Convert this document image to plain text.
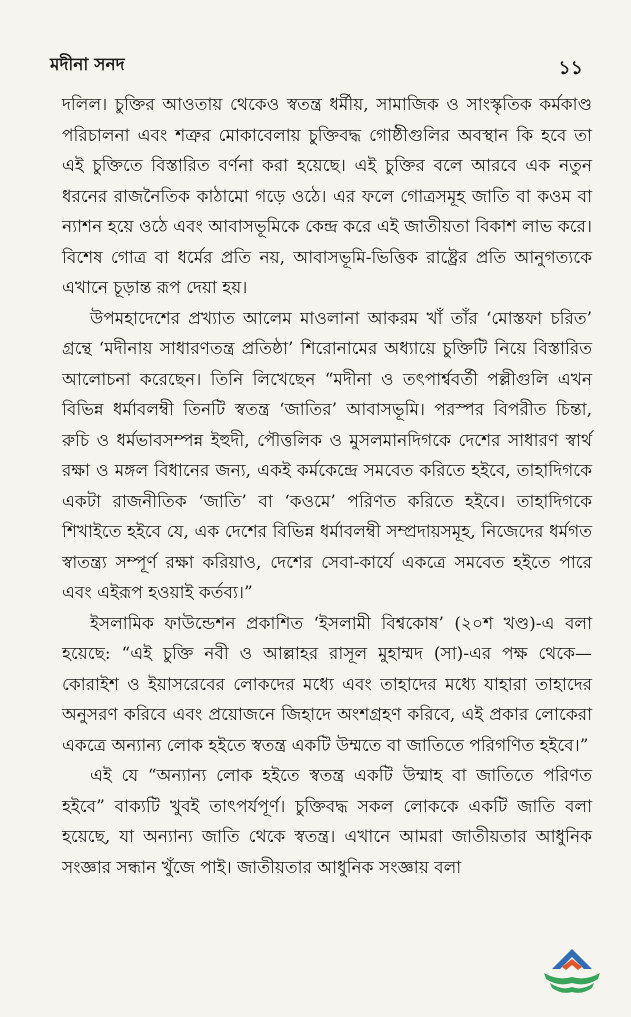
মদীনা সনদ	১১

দলিল। চুক্তির আওতায় থেকেও স্বতন্ত্র ধর্মীয়, সামাজিক ও সাংস্কৃতিক কর্মকাণ্ড পরিচালনা এবং শত্রুর মোকাবেলায় চুক্তিবদ্ধ গোষ্ঠীগুলির অবস্থান কি হবে তা এই চুক্তিতে বিস্তারিত বর্ণনা করা হয়েছে। এই চুক্তির বলে আরবে এক নতুন ধরনের রাজনৈতিক কাঠামো গড়ে ওঠে। এর ফলে গোত্রসমূহ জাতি বা কওম বা ন্যাশন হয়ে ওঠে এবং আবাসভূমিকে কেন্দ্র করে এই জাতীয়তা বিকাশ লাভ করে। বিশেষ গোত্র বা ধর্মের প্রতি নয়, আবাসভূমি-ভিত্তিক রাষ্ট্রের প্রতি আনুগত্যকে এখানে চূড়ান্ত রূপ দেয়া হয়।

উপমহাদেশের প্রখ্যাত আলেম মাওলানা আকরম খাঁ তাঁর ‘মোস্তফা চরিত’ গ্রন্থে ‘মদীনায় সাধারণতন্ত্র প্রতিষ্ঠা’ শিরোনামের অধ্যায়ে চুক্তিটি নিয়ে বিস্তারিত আলোচনা করেছেন। তিনি লিখেছেন “মদীনা ও তৎপার্শ্ববর্তী পল্লীগুলি এখন বিভিন্ন ধর্মাবলম্বী তিনটি স্বতন্ত্র ‘জাতির’ আবাসভূমি। পরস্পর বিপরীত চিন্তা, রুচি ও ধর্মভাবসম্পন্ন ইহুদী, পৌত্তলিক ও মুসলমানদিগকে দেশের সাধারণ স্বার্থ রক্ষা ও মঙ্গল বিধানের জন্য, একই কর্মকেন্দ্রে সমবেত করিতে হইবে, তাহাদিগকে একটা রাজনীতিক ‘জাতি’ বা ‘কওমে’ পরিণত করিতে হইবে। তাহাদিগকে শিখাইতে হইবে যে, এক দেশের বিভিন্ন ধর্মাবলম্বী সম্প্রদায়সমূহ, নিজেদের ধর্মগত স্বাতন্ত্র্য সম্পূর্ণ রক্ষা করিয়াও, দেশের সেবা-কার্যে একত্রে সমবেত হইতে পারে এবং এইরূপ হওয়াই কর্তব্য।”

ইসলামিক ফাউন্ডেশন প্রকাশিত ‘ইসলামী বিশ্বকোষ’ (২০শ খণ্ড)-এ বলা হয়েছে: “এই চুক্তি নবী ও আল্লাহর রাসূল মুহাম্মদ (সা)-এর পক্ষ থেকে— কোরাইশ ও ইয়াসরেবের লোকদের মধ্যে এবং তাহাদের মধ্যে যাহারা তাহাদের অনুসরণ করিবে এবং প্রয়োজনে জিহাদে অংশগ্রহণ করিবে, এই প্রকার লোকেরা একত্রে অন্যান্য লোক হইতে স্বতন্ত্র একটি উম্মতে বা জাতিতে পরিগণিত হইবে।”

এই যে “অন্যান্য লোক হইতে স্বতন্ত্র একটি উম্মাহ বা জাতিতে পরিণত হইবে” বাক্যটি খুবই তাৎপর্যপূর্ণ। চুক্তিবদ্ধ সকল লোককে একটি জাতি বলা হয়েছে, যা অন্যান্য জাতি থেকে স্বতন্ত্র। এখানে আমরা জাতীয়তার আধুনিক সংজ্ঞার সন্ধান খুঁজে পাই। জাতীয়তার আধুনিক সংজ্ঞায় বলা
